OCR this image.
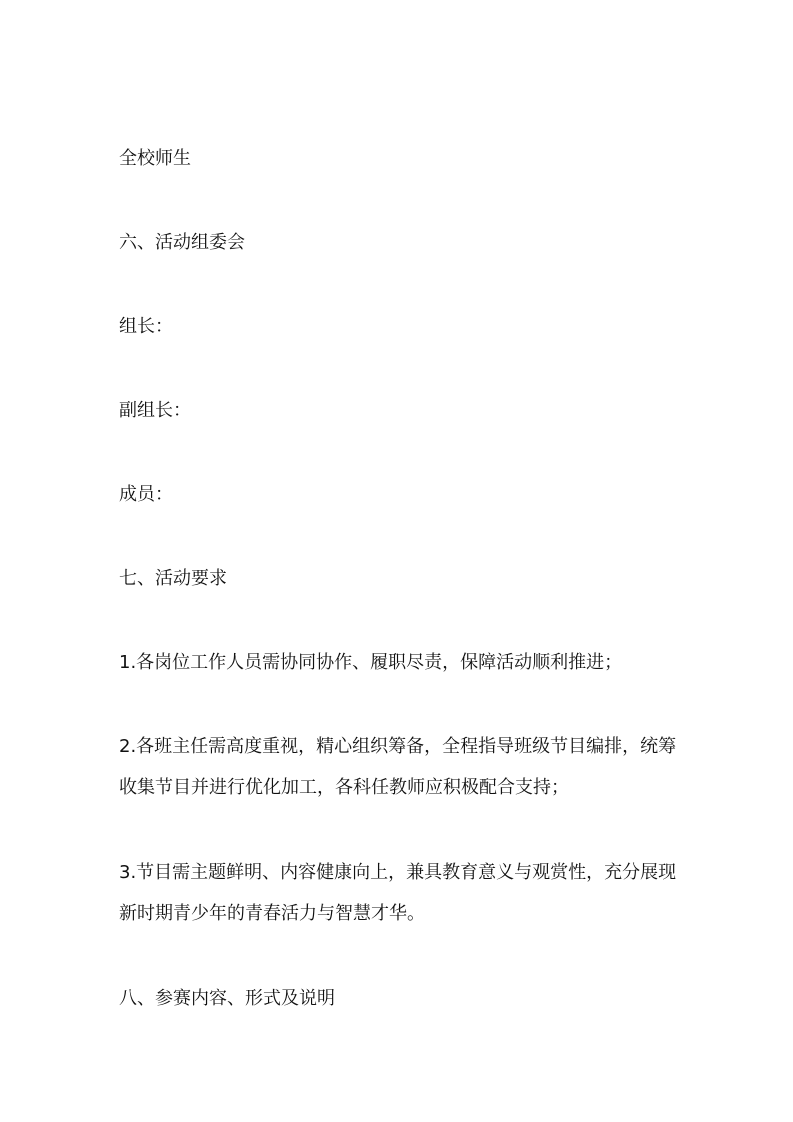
全校师生

六、活动组委会

组长：

副组长：

成员：

七、活动要求

1.各岗位工作人员需协同协作、履职尽责，保障活动顺利推进；

2.各班主任需高度重视，精心组织筹备，全程指导班级节目编排，统筹收集节目并进行优化加工，各科任教师应积极配合支持；

3.节目需主题鲜明、内容健康向上，兼具教育意义与观赏性，充分展现新时期青少年的青春活力与智慧才华。

八、参赛内容、形式及说明
